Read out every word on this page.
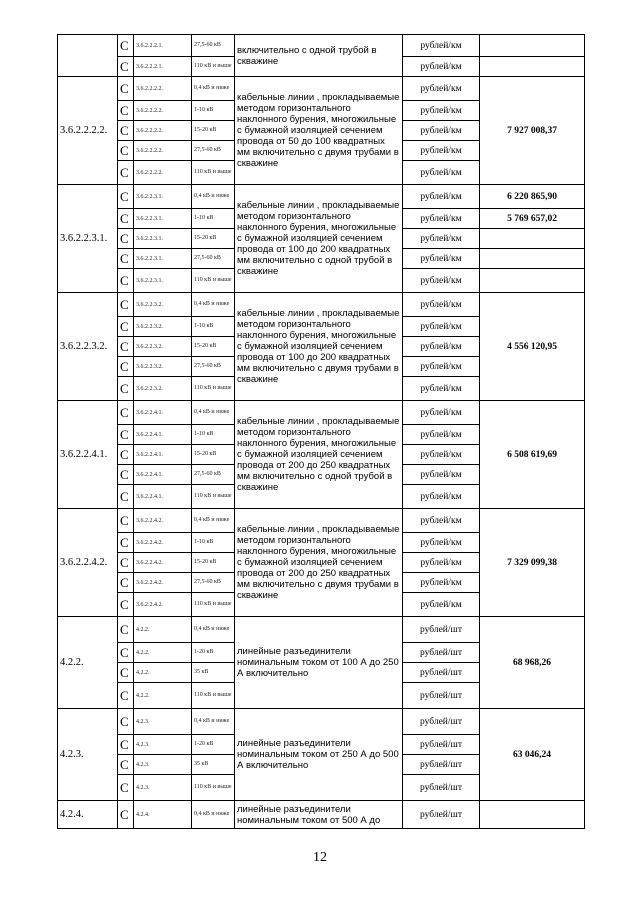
	С	3.6.2.2.2.1.	27,5-60 кВ	включительно с одной трубой в скважине	рублей/км	
	С	3.6.2.2.2.1.	110 кВ и выше		рублей/км	
3.6.2.2.2.2.	С	3.6.2.2.2.2.	0,4 кВ и ниже	кабельные линии , прокладываемые методом горизонтального наклонного бурения, многожильные с бумажной изоляцией сечением провода от 50 до 100 квадратных мм включительно с двумя трубами в скважине	рублей/км	7 927 008,37
	С	3.6.2.2.2.2.	1-10 кВ		рублей/км	
	С	3.6.2.2.2.2.	15-20 кВ		рублей/км	
	С	3.6.2.2.2.2.	27,5-60 кВ		рублей/км	
	С	3.6.2.2.2.2.	110 кВ и выше		рублей/км	
3.6.2.2.3.1.	С	3.6.2.2.3.1.	0,4 кВ и ниже	кабельные линии , прокладываемые методом горизонтального наклонного бурения, многожильные с бумажной изоляцией сечением провода от 100 до 200 квадратных мм включительно с одной трубой в скважине	рублей/км	6 220 865,90
	С	3.6.2.2.3.1.	1-10 кВ		рублей/км	5 769 657,02
	С	3.6.2.2.3.1.	15-20 кВ		рублей/км	
	С	3.6.2.2.3.1.	27,5-60 кВ		рублей/км	
	С	3.6.2.2.3.1.	110 кВ и выше		рублей/км	
3.6.2.2.3.2.	С	3.6.2.2.3.2.	0,4 кВ и ниже	кабельные линии , прокладываемые методом горизонтального наклонного бурения, многожильные с бумажной изоляцией сечением провода от 100 до 200 квадратных мм включительно с двумя трубами в скважине	рублей/км	4 556 120,95
	С	3.6.2.2.3.2.	1-10 кВ		рублей/км	
	С	3.6.2.2.3.2.	15-20 кВ		рублей/км	
	С	3.6.2.2.3.2.	27,5-60 кВ		рублей/км	
	С	3.6.2.2.3.2.	110 кВ и выше		рублей/км	
3.6.2.2.4.1.	С	3.6.2.2.4.1.	0,4 кВ и ниже	кабельные линии , прокладываемые методом горизонтального наклонного бурения, многожильные с бумажной изоляцией сечением провода от 200 до 250 квадратных мм включительно с одной трубой в скважине	рублей/км	6 508 619,69
	С	3.6.2.2.4.1.	1-10 кВ		рублей/км	
	С	3.6.2.2.4.1.	15-20 кВ		рублей/км	
	С	3.6.2.2.4.1.	27,5-60 кВ		рублей/км	
	С	3.6.2.2.4.1.	110 кВ и выше		рублей/км	
3.6.2.2.4.2.	С	3.6.2.2.4.2.	0,4 кВ и ниже	кабельные линии , прокладываемые методом горизонтального наклонного бурения, многожильные с бумажной изоляцией сечением провода от 200 до 250 квадратных мм включительно с двумя трубами в скважине	рублей/км	7 329 099,38
	С	3.6.2.2.4.2.	1-10 кВ		рублей/км	
	С	3.6.2.2.4.2.	15-20 кВ		рублей/км	
	С	3.6.2.2.4.2.	27,5-60 кВ		рублей/км	
	С	3.6.2.2.4.2.	110 кВ и выше		рублей/км	
4.2.2.	С	4.2.2.	0,4 кВ и ниже	линейные разъединители номинальным током от 100 А до 250 А включительно	рублей/шт	68 968,26
	С	4.2.2.	1-20 кВ		рублей/шт	
	С	4.2.2.	35 кВ		рублей/шт	
	С	4.2.2.	110 кВ и выше		рублей/шт	
4.2.3.	С	4.2.3.	0,4 кВ и ниже	линейные разъединители номинальным током от 250 А до 500 А включительно	рублей/шт	63 046,24
	С	4.2.3.	1-20 кВ		рублей/шт	
	С	4.2.3.	35 кВ		рублей/шт	
	С	4.2.3.	110 кВ и выше		рублей/шт	
4.2.4.	С	4.2.4.	0,4 кВ и ниже	линейные разъединители номинальным током от 500 А до	рублей/шт	
12
